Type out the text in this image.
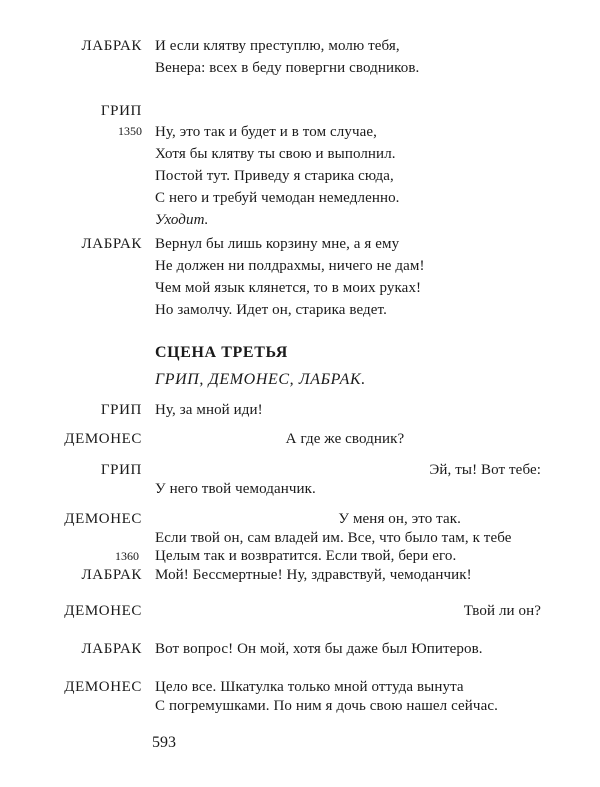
ЛАБРАК И если клятву преступлю, молю тебя,
Венера: всех в беду повергни сводников.
ГРИП
1350 Ну, это так и будет и в том случае,
Хотя бы клятву ты свою и выполнил.
Постой тут. Приведу я старика сюда,
С него и требуй чемодан немедленно.
Уходит.
ЛАБРАК Вернул бы лишь корзину мне, а я ему
Не должен ни полдрахмы, ничего не дам!
Чем мой язык клянется, то в моих руках!
Но замолчу. Идет он, старика ведет.
СЦЕНА ТРЕТЬЯ
ГРИП, ДЕМОНЕС, ЛАБРАК.
ГРИП Ну, за мной иди!
ДЕМОНЕС	А где же сводник?
ГРИП	Эй, ты! Вот тебе:
У него твой чемоданчик.
ДЕМОНЕС	У меня он, это так.
Если твой он, сам владей им. Все, что было там, к тебе
1360 Целым так и возвратится. Если твой, бери его.
ЛАБРАК Мой! Бессмертные! Ну, здравствуй, чемоданчик!
ДЕМОНЕС	Твой ли он?
ЛАБРАК Вот вопрос! Он мой, хотя бы даже был Юпитеров.
ДЕМОНЕС Цело все. Шкатулка только мной оттуда вынута
С погремушками. По ним я дочь свою нашел сейчас.
593
